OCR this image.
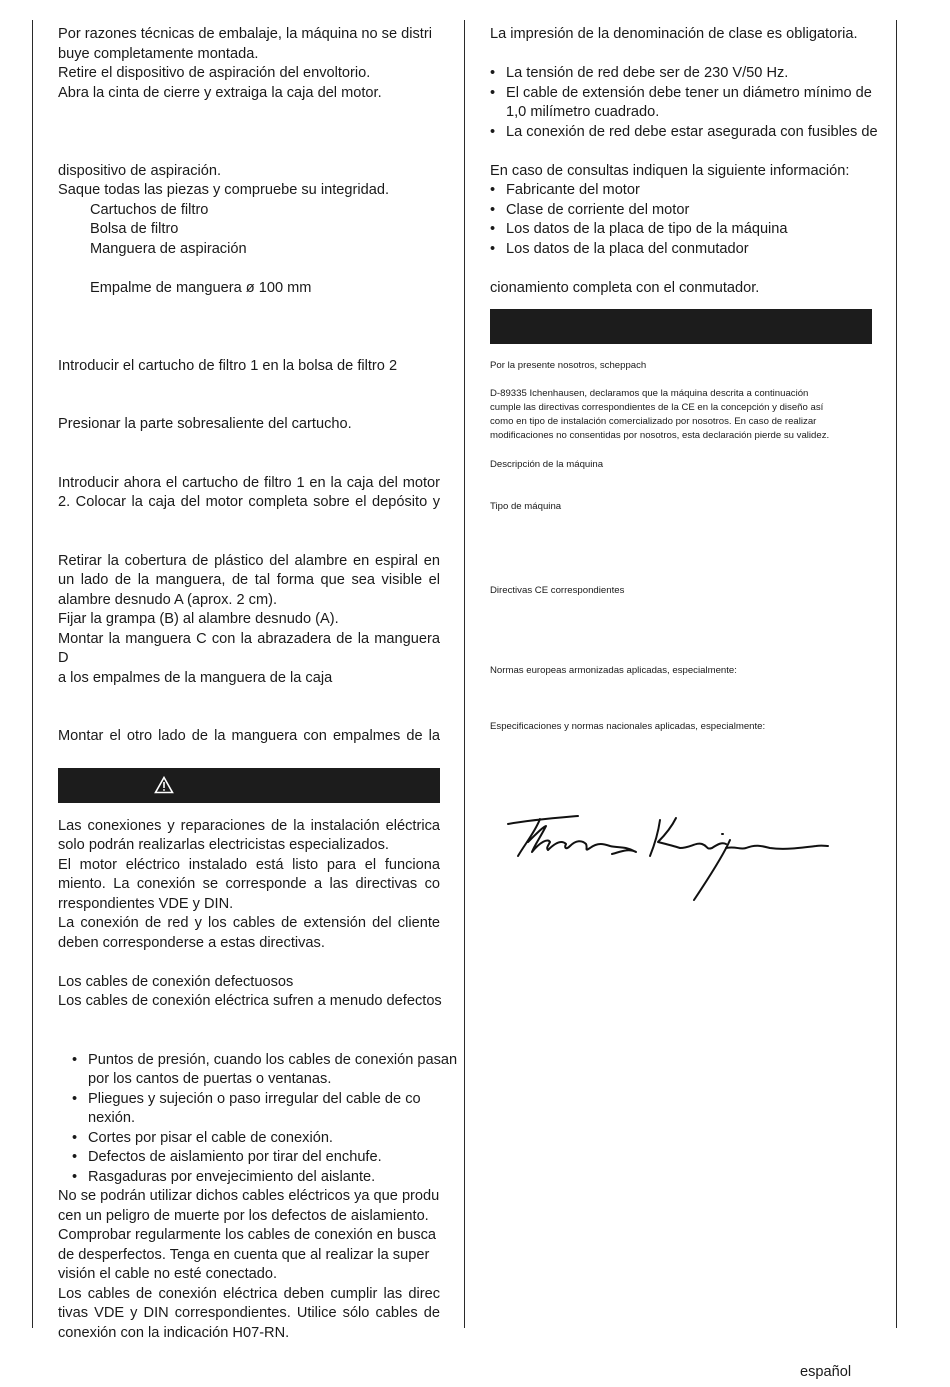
Por razones técnicas de embalaje, la máquina no se distri

buye completamente montada.

Retire el dispositivo de aspiración del envoltorio.

Abra la cinta de cierre y extraiga la caja del motor.

dispositivo de aspiración.

Saque todas las piezas y compruebe su integridad.

Cartuchos de filtro

Bolsa de filtro

Manguera de aspiración

Empalme de manguera ø 100 mm

Introducir el cartucho de filtro 1 en la bolsa de filtro 2

Presionar la parte sobresaliente del cartucho.

Introducir ahora el cartucho de filtro 1 en la caja del motor

2. Colocar la caja del motor completa sobre el depósito y

Retirar la cobertura de plástico del alambre en espiral en

un lado de la manguera, de tal forma que sea visible el

alambre desnudo A (aprox. 2 cm).

Fijar la grampa (B) al alambre desnudo (A).

Montar la manguera C con la abrazadera de la manguera D

a los empalmes de la manguera de la caja

Montar el otro lado de la manguera con empalmes de la

Las conexiones y reparaciones de la instalación eléctrica

solo podrán realizarlas electricistas especializados.

El motor eléctrico instalado está listo para el funciona

miento. La conexión se corresponde a las directivas co

rrespondientes VDE y DIN.

La conexión de red y los cables de extensión del cliente

deben corresponderse a estas directivas.

Los cables de conexión defectuosos

Los cables de conexión eléctrica sufren a menudo defectos

• Puntos de presión, cuando los cables de conexión pasan
por los cantos de puertas o ventanas.
• Pliegues y sujeción o paso irregular del cable de co
nexión.
• Cortes por pisar el cable de conexión.
• Defectos de aislamiento por tirar del enchufe.
• Rasgaduras por envejecimiento del aislante.

No se podrán utilizar dichos cables eléctricos ya que produ

cen un peligro de muerte por los defectos de aislamiento.

Comprobar regularmente los cables de conexión en busca

de desperfectos. Tenga en cuenta que al realizar la super

visión el cable no esté conectado.

Los cables de conexión eléctrica deben cumplir las direc

tivas VDE y DIN correspondientes. Utilice sólo cables de

conexión con la indicación H07-RN.

La impresión de la denominación de clase es obligatoria.

• La tensión de red debe ser de 230 V/50 Hz.
• El cable de extensión debe tener un diámetro mínimo de
1,0 milímetro cuadrado.
• La conexión de red debe estar asegurada con fusibles de

En caso de consultas indiquen la siguiente información:

• Fabricante del motor
• Clase de corriente del motor
• Los datos de la placa de tipo de la máquina
• Los datos de la placa del conmutador

cionamiento completa con el conmutador.

Por la presente nosotros, scheppach

D-89335 Ichenhausen, declaramos que la máquina descrita a continuación

cumple las directivas correspondientes de la CE en la concepción y diseño así

como en tipo de instalación comercializado por nosotros. En caso de realizar

modificaciones no consentidas por nosotros, esta declaración pierde su validez.

Descripción de la máquina

Tipo de máquina

Directivas CE correspondientes

Normas europeas armonizadas aplicadas, especialmente:

Especificaciones y normas nacionales aplicadas, especialmente:

español
